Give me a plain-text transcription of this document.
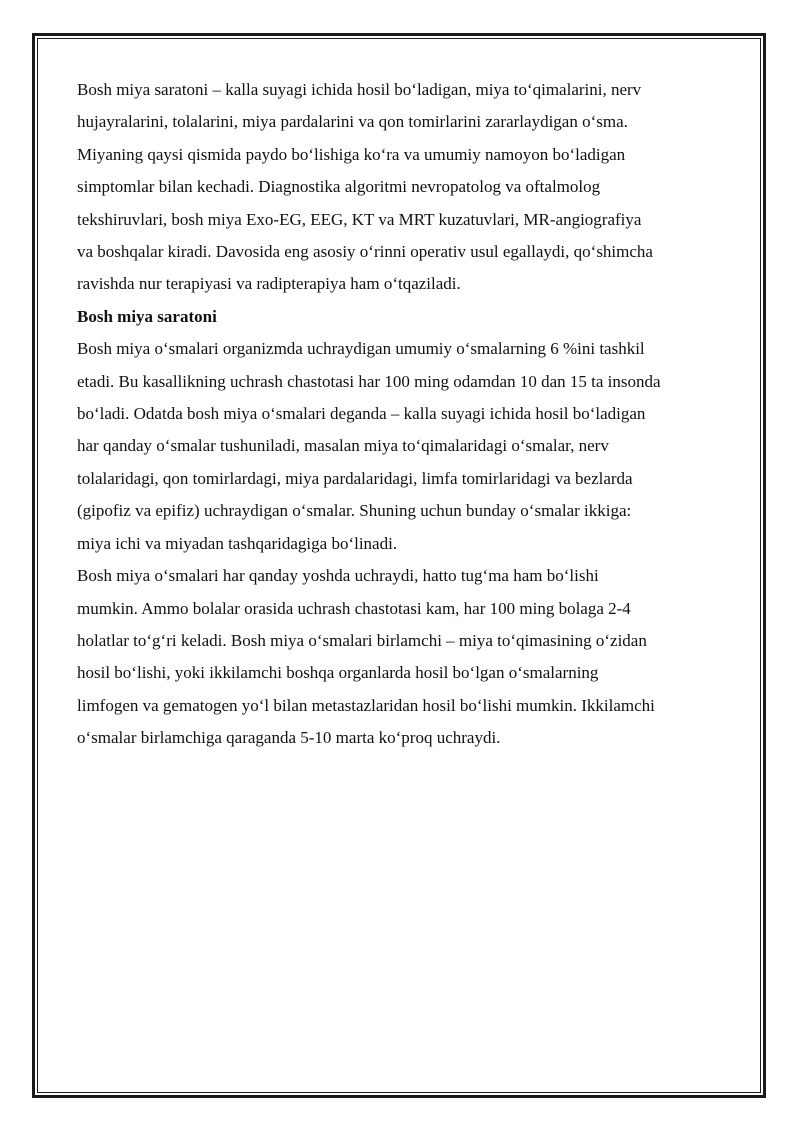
Bosh miya saratoni – kalla suyagi ichida hosil bo‘ladigan, miya to‘qimalarini, nerv
hujayralarini, tolalarini, miya pardalarini va qon tomirlarini zararlaydigan o‘sma.
Miyaning qaysi qismida paydo bo‘lishiga ko‘ra va umumiy namoyon bo‘ladigan
simptomlar bilan kechadi. Diagnostika algoritmi nevropatolog va oftalmolog
tekshiruvlari, bosh miya Exo-EG, EEG, KT va MRT kuzatuvlari, MR-angiografiya
va boshqalar kiradi. Davosida eng asosiy o‘rinni operativ usul egallaydi, qo‘shimcha
ravishda nur terapiyasi va radipterapiya ham o‘tqaziladi.

Bosh miya saratoni

Bosh miya o‘smalari organizmda uchraydigan umumiy o‘smalarning 6 %ini tashkil
etadi. Bu kasallikning uchrash chastotasi har 100 ming odamdan 10 dan 15 ta insonda
bo‘ladi. Odatda bosh miya o‘smalari deganda – kalla suyagi ichida hosil bo‘ladigan
har qanday o‘smalar tushuniladi, masalan miya to‘qimalaridagi o‘smalar, nerv
tolalaridagi, qon tomirlardagi, miya pardalaridagi, limfa tomirlaridagi va bezlarda
(gipofiz va epifiz) uchraydigan o‘smalar. Shuning uchun bunday o‘smalar ikkiga:
miya ichi va miyadan tashqaridagiga bo‘linadi.

Bosh miya o‘smalari har qanday yoshda uchraydi, hatto tug‘ma ham bo‘lishi
mumkin. Ammo bolalar orasida uchrash chastotasi kam, har 100 ming bolaga 2-4
holatlar to‘g‘ri keladi. Bosh miya o‘smalari birlamchi – miya to‘qimasining o‘zidan
hosil bo‘lishi, yoki ikkilamchi boshqa organlarda hosil bo‘lgan o‘smalarning
limfogen va gematogen yo‘l bilan metastazlaridan hosil bo‘lishi mumkin. Ikkilamchi
o‘smalar birlamchiga qaraganda 5-10 marta ko‘proq uchraydi.
